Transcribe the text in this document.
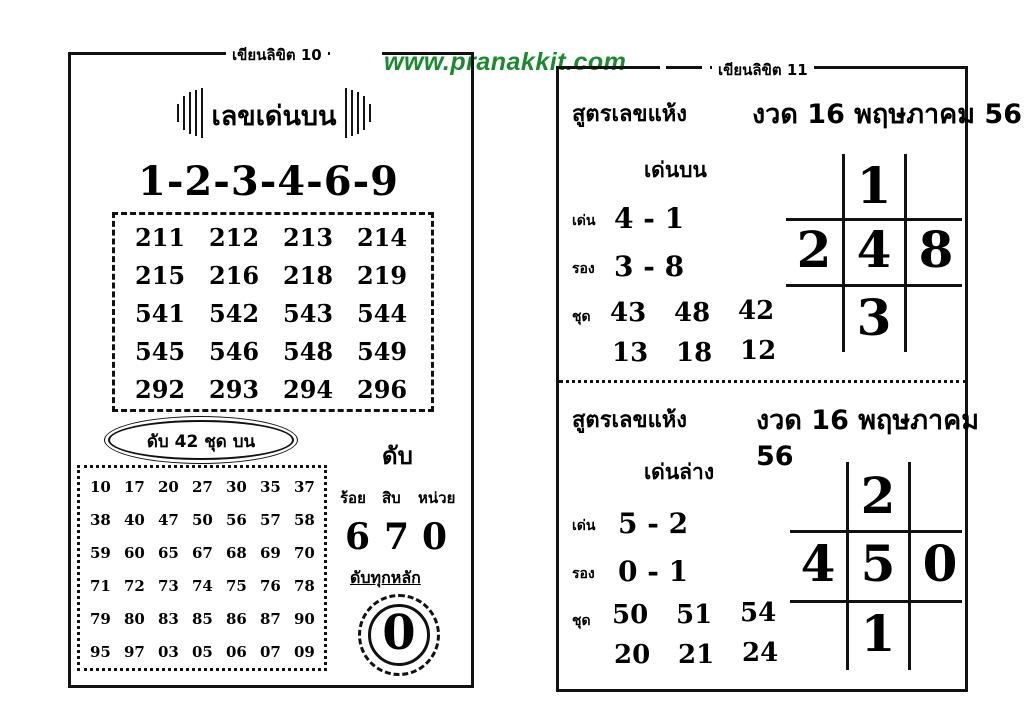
www.pranakkit.com
เขียนลิขิต 10
เลขเด่นบน
1-2-3-4-6-9
211 212 213 214
215 216 218 219
541 542 543 544
545 546 548 549
292 293 294 296
ดับ 42 ชุด บน
10 17 20 27 30 35 37
38 40 47 50 56 57 58
59 60 65 67 68 69 70
71 72 73 74 75 76 78
79 80 83 85 86 87 90
95 97 03 05 06 07 09
ดับ
ร้อย สิบ หน่วย
6 7 0
ดับทุกหลัก
0
เขียนลิขิต 11
สูตรเลขแห้ง งวด 16 พฤษภาคม 56
เด่นบน
เด่น 4 - 1
รอง 3 - 8
ชุด 43 48 42
13 18 12
1
2 4 8
3
สูตรเลขแห้ง	งวด 16 พฤษภาคม 56
เด่นล่าง
เด่น 5 - 2
รอง 0 - 1
ชุด 50 51 54
20 21 24
2
4 5 0
1
